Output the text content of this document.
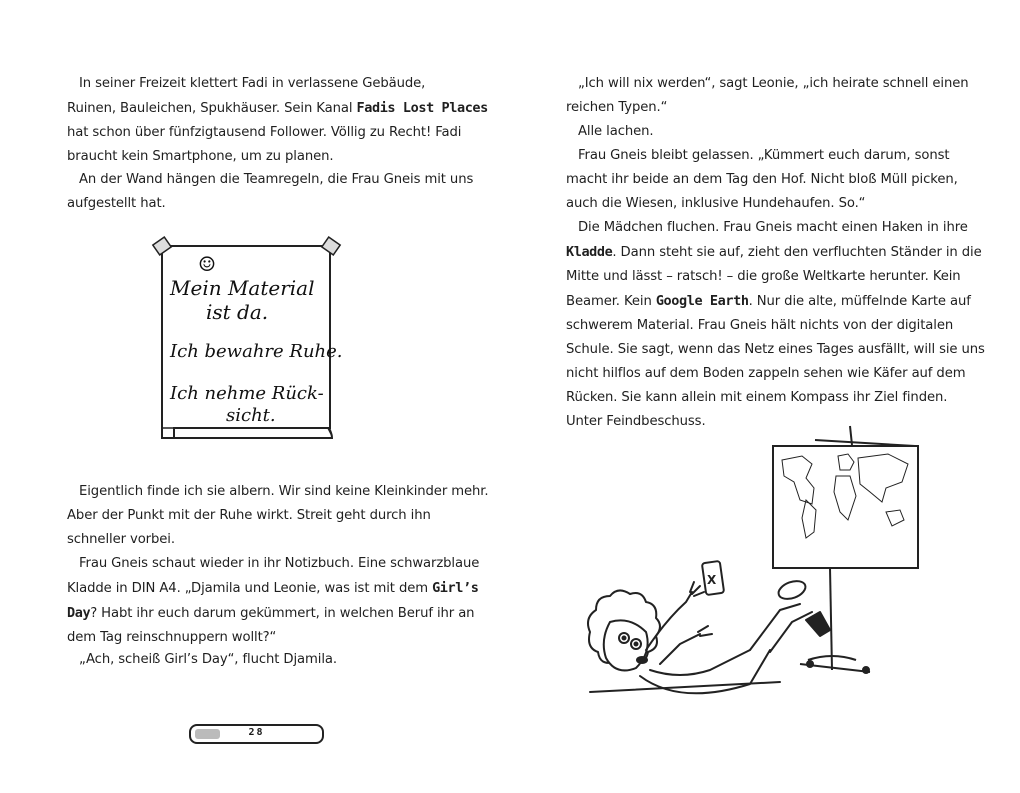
In seiner Freizeit klettert Fadi in verlassene Gebäude,
Ruinen, Bauleichen, Spukhäuser. Sein Kanal Fadis Lost Places
hat schon über fünfzigtausend Follower. Völlig zu Recht! Fadi
braucht kein Smartphone, um zu planen.
An der Wand hängen die Teamregeln, die Frau Gneis mit uns
aufgestellt hat.
☺
Mein Material
ist da.
Ich bewahre Ruhe.
Ich nehme Rück-
sicht.
Eigentlich finde ich sie albern. Wir sind keine Kleinkinder mehr.
Aber der Punkt mit der Ruhe wirkt. Streit geht durch ihn
schneller vorbei.
Frau Gneis schaut wieder in ihr Notizbuch. Eine schwarzblaue
Kladde in DIN A4. „Djamila und Leonie, was ist mit dem Girl’s
Day? Habt ihr euch darum gekümmert, in welchen Beruf ihr an
dem Tag reinschnuppern wollt?“
„Ach, scheiß Girl’s Day“, flucht Djamila.
28
„Ich will nix werden“, sagt Leonie, „ich heirate schnell einen
reichen Typen.“
Alle lachen.
Frau Gneis bleibt gelassen. „Kümmert euch darum, sonst
macht ihr beide an dem Tag den Hof. Nicht bloß Müll picken,
auch die Wiesen, inklusive Hundehaufen. So.“
Die Mädchen fluchen. Frau Gneis macht einen Haken in ihre
Kladde. Dann steht sie auf, zieht den verfluchten Ständer in die
Mitte und lässt – ratsch! – die große Weltkarte herunter. Kein
Beamer. Kein Google Earth. Nur die alte, müffelnde Karte auf
schwerem Material. Frau Gneis hält nichts von der digitalen
Schule. Sie sagt, wenn das Netz eines Tages ausfällt, will sie uns
nicht hilflos auf dem Boden zappeln sehen wie Käfer auf dem
Rücken. Sie kann allein mit einem Kompass ihr Ziel finden.
Unter Feindbeschuss.
X
